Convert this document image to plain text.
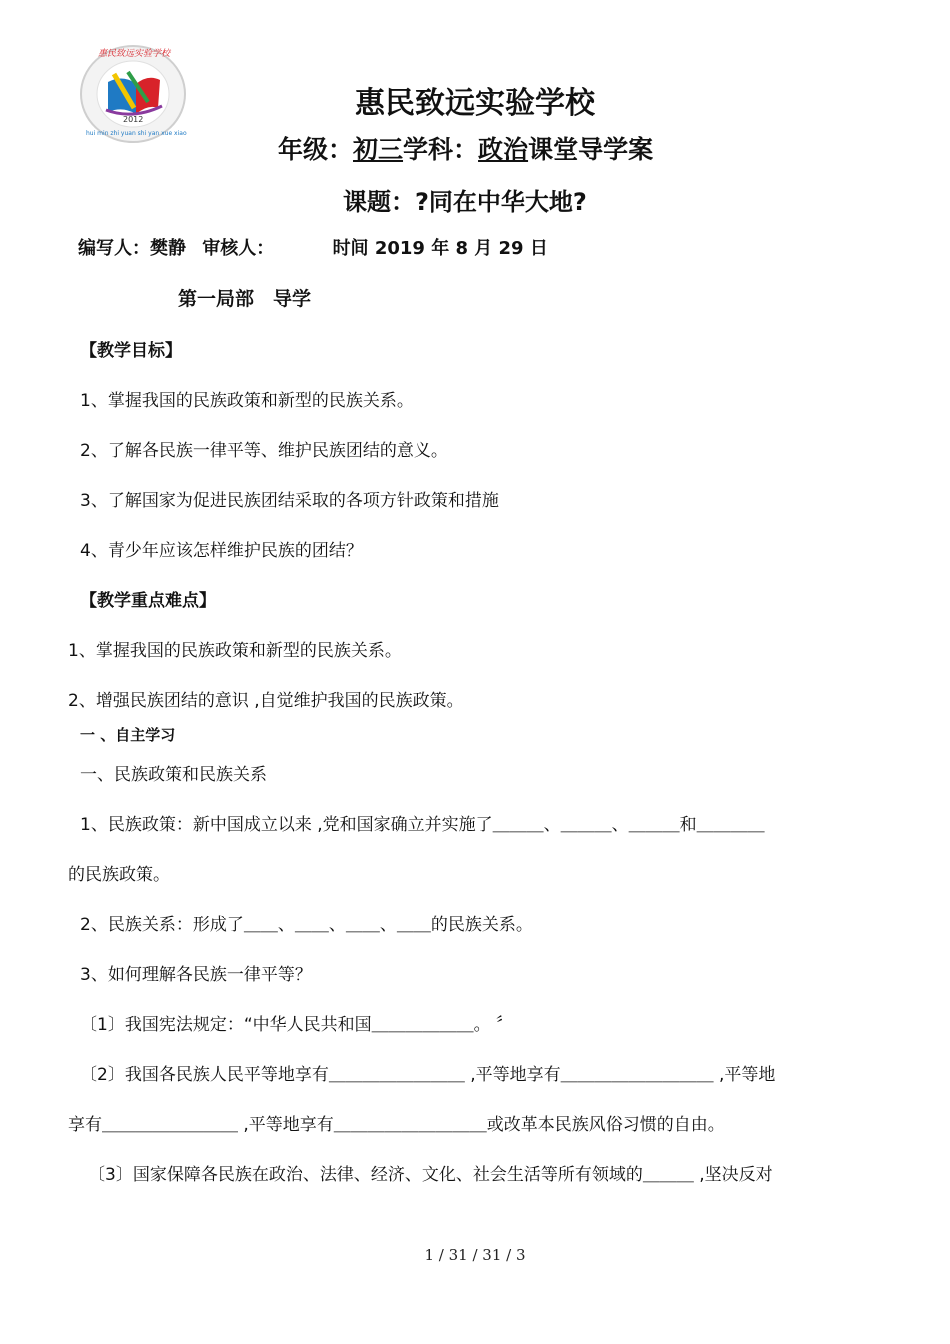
惠民致远实验学校
2012
hui min zhi yuan shi yan xue xiao
惠民致远实验学校
年级：初三学科：政治课堂导学案
课题：?同在中华大地?
编写人：樊静 审核人：	时间 2019 年 8 月 29 日
第一局部　导学
【教学目标】
1、掌握我国的民族政策和新型的民族关系。
2、了解各民族一律平等、维护民族团结的意义。
3、了解国家为促进民族团结采取的各项方针政策和措施
4、青少年应该怎样维护民族的团结？
【教学重点难点】
1、掌握我国的民族政策和新型的民族关系。
2、增强民族团结的意识 ,自觉维护我国的民族政策。
一 、自主学习
一、民族政策和民族关系
1、民族政策：新中国成立以来 ,党和国家确立并实施了＿＿＿、＿＿＿、＿＿＿和＿＿＿＿
的民族政策。
2、民族关系：形成了＿＿、＿＿、＿＿、＿＿的民族关系。
3、如何理解各民族一律平等？
〔1〕我国宪法规定：“中华人民共和国＿＿＿＿＿＿。 〞
〔2〕我国各民族人民平等地享有＿＿＿＿＿＿＿＿ ,平等地享有＿＿＿＿＿＿＿＿＿ ,平等地
享有＿＿＿＿＿＿＿＿ ,平等地享有＿＿＿＿＿＿＿＿＿或改革本民族风俗习惯的自由。
〔3〕国家保障各民族在政治、法律、经济、文化、社会生活等所有领域的＿＿＿ ,坚决反对
1 / 31 / 31 / 3
